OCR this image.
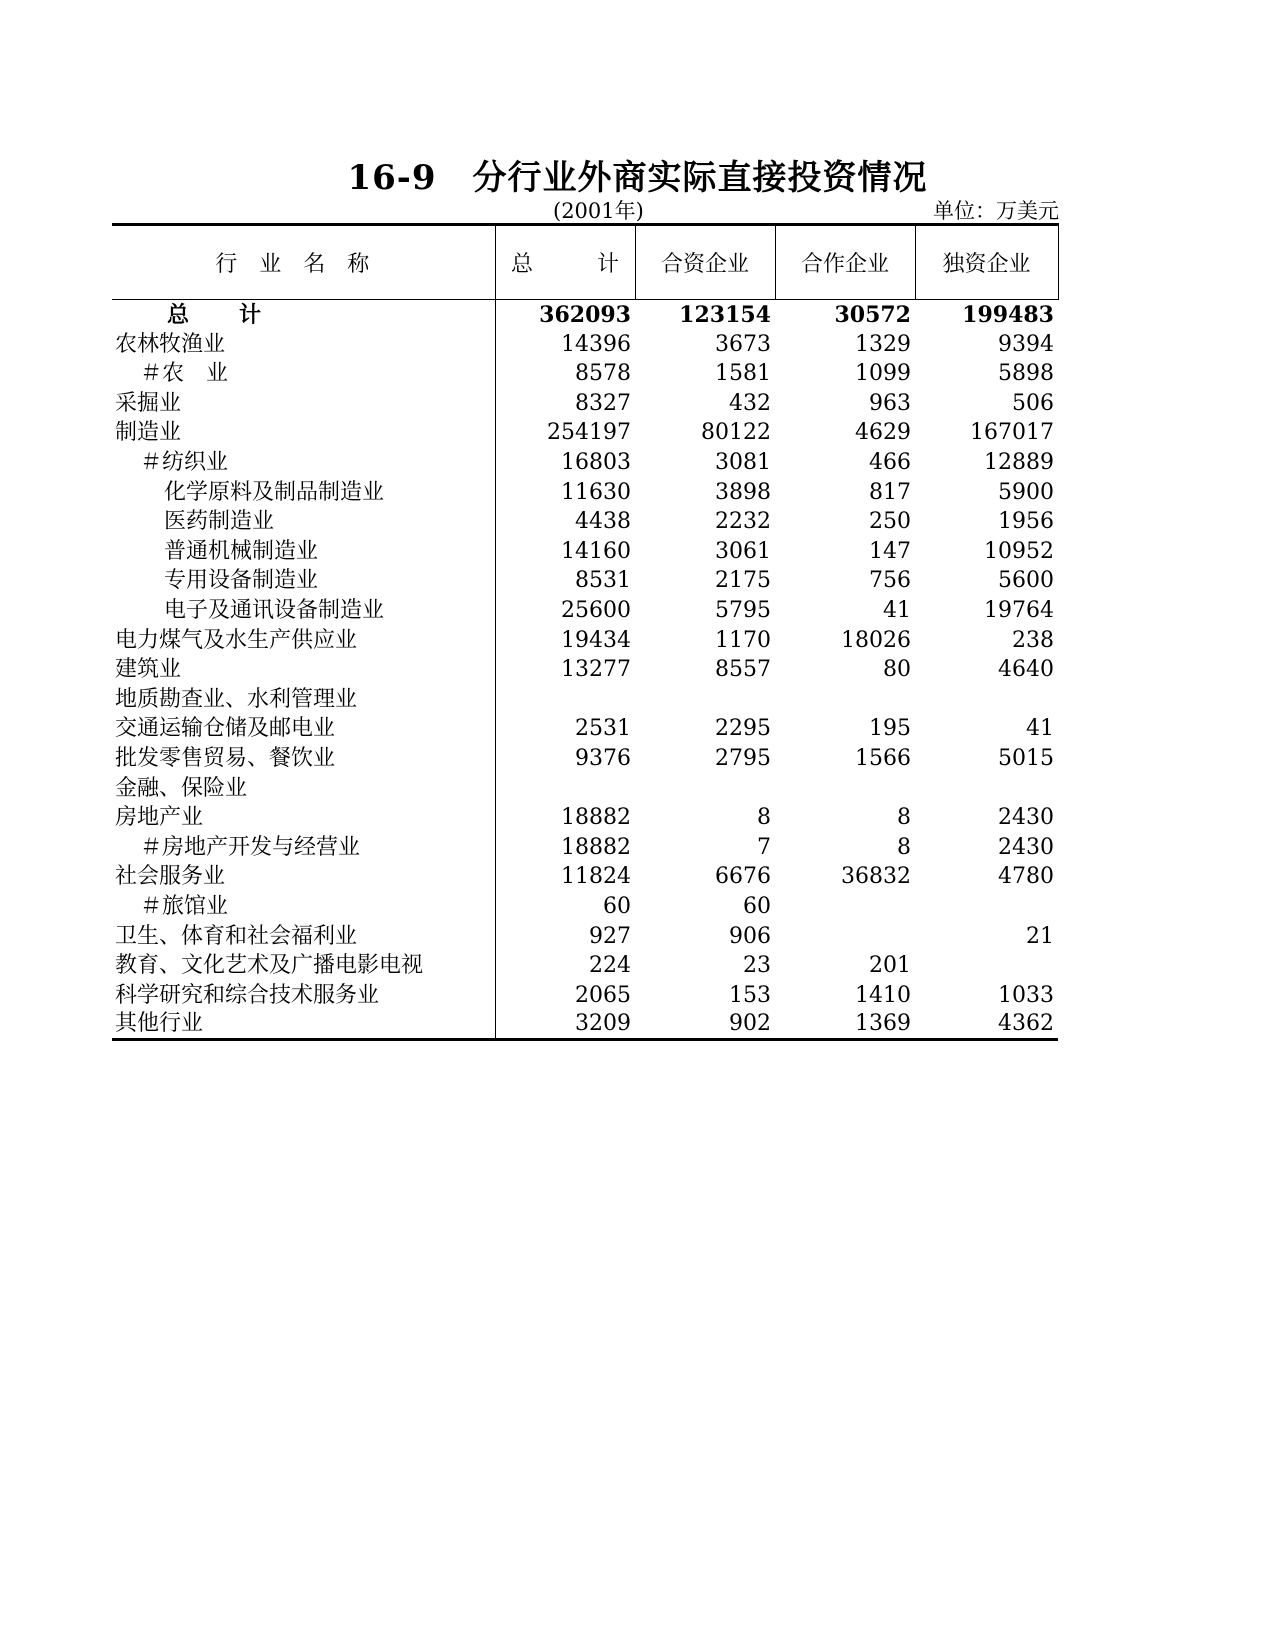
16-9 分行业外商实际直接投资情况
(2001年)	单位：万美元
行业名称	总 计	合资企业	合作企业	独资企业
总　　计	362093	123154	30572	199483
农林牧渔业	14396	3673	1329	9394
＃农　业	8578	1581	1099	5898
采掘业	8327	432	963	506
制造业	254197	80122	4629	167017
＃纺织业	16803	3081	466	12889
化学原料及制品制造业	11630	3898	817	5900
医药制造业	4438	2232	250	1956
普通机械制造业	14160	3061	147	10952
专用设备制造业	8531	2175	756	5600
电子及通讯设备制造业	25600	5795	41	19764
电力煤气及水生产供应业	19434	1170	18026	238
建筑业	13277	8557	80	4640
地质勘查业、水利管理业				
交通运输仓储及邮电业	2531	2295	195	41
批发零售贸易、餐饮业	9376	2795	1566	5015
金融、保险业				
房地产业	18882	8	8	2430
＃房地产开发与经营业	18882	7	8	2430
社会服务业	11824	6676	36832	4780
＃旅馆业	60	60		
卫生、体育和社会福利业	927	906		21
教育、文化艺术及广播电影电视	224	23	201	
科学研究和综合技术服务业	2065	153	1410	1033
其他行业	3209	902	1369	4362
